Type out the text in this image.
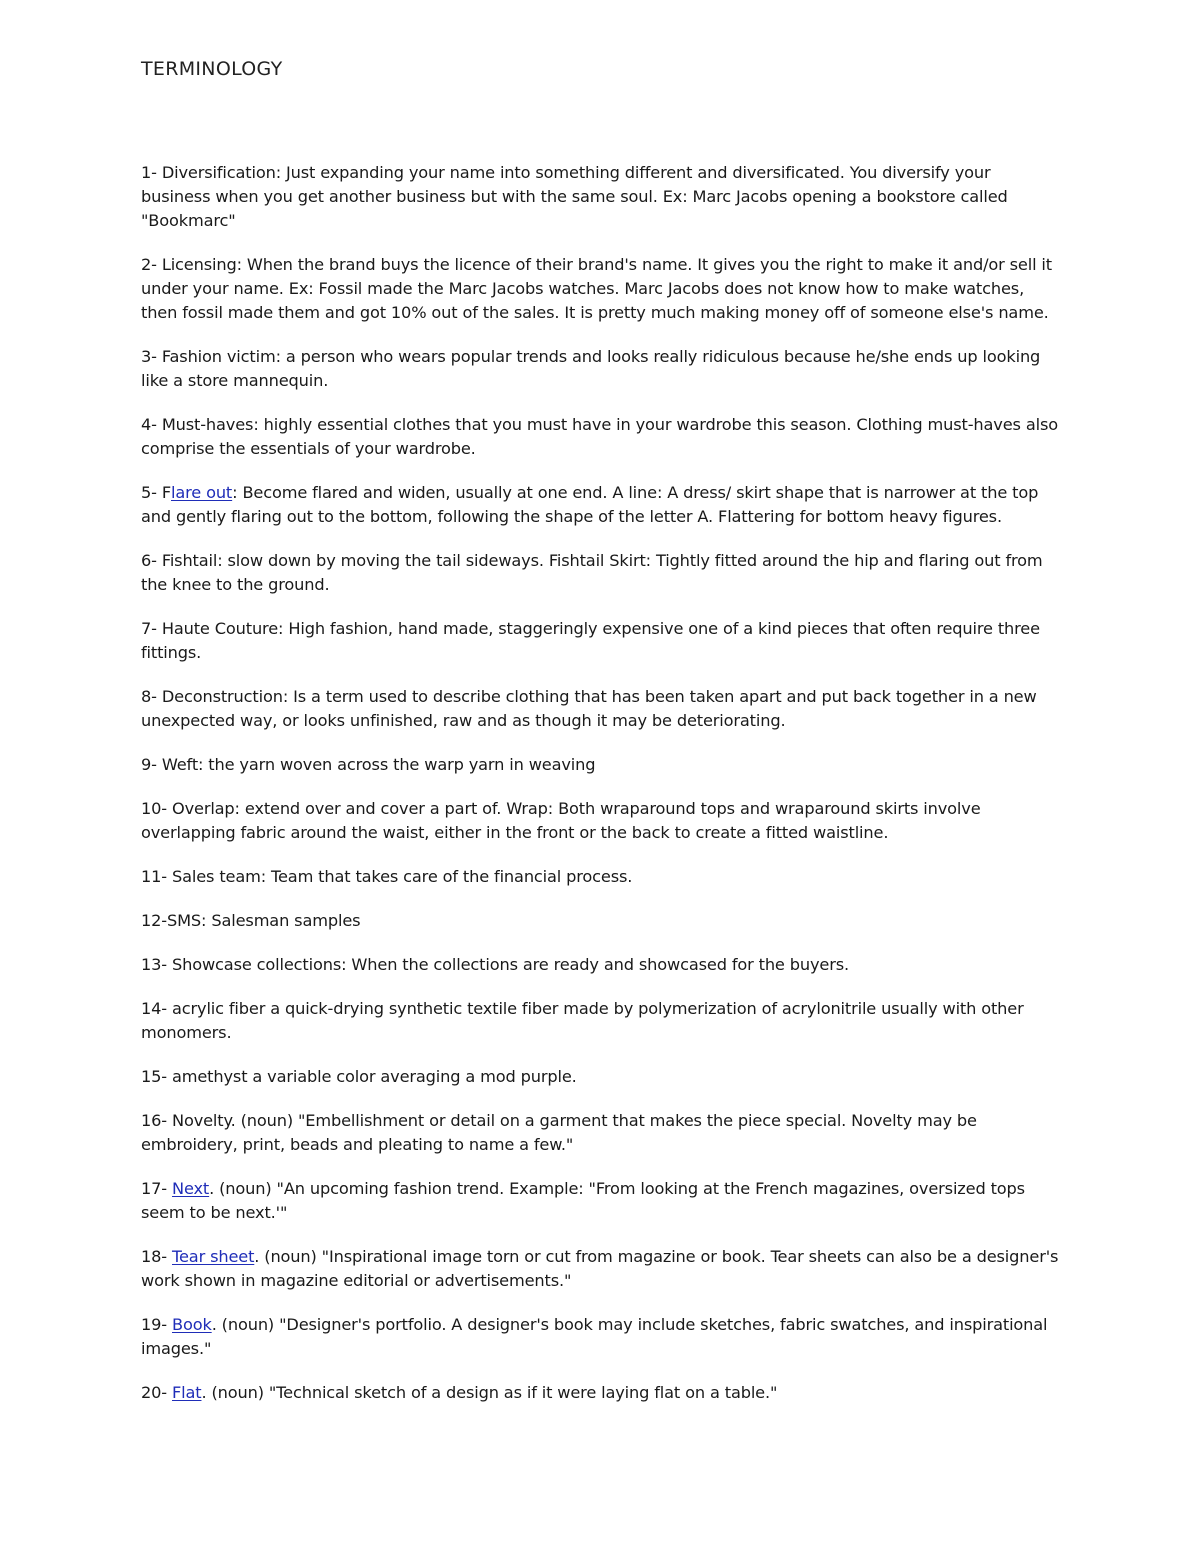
TERMINOLOGY

1- Diversification: Just expanding your name into something different and diversificated. You diversify your business when you get another business but with the same soul. Ex: Marc Jacobs opening a bookstore called "Bookmarc"

2- Licensing: When the brand buys the licence of their brand's name. It gives you the right to make it and/or sell it under your name. Ex: Fossil made the Marc Jacobs watches. Marc Jacobs does not know how to make watches, then fossil made them and got 10% out of the sales. It is pretty much making money off of someone else's name.

3- Fashion victim: a person who wears popular trends and looks really ridiculous because he/she ends up looking like a store mannequin.

4- Must-haves: highly essential clothes that you must have in your wardrobe this season. Clothing must-haves also comprise the essentials of your wardrobe.

5- Flare out: Become flared and widen, usually at one end. A line: A dress/ skirt shape that is narrower at the top and gently flaring out to the bottom, following the shape of the letter A. Flattering for bottom heavy figures.

6- Fishtail: slow down by moving the tail sideways. Fishtail Skirt: Tightly fitted around the hip and flaring out from the knee to the ground.

7- Haute Couture: High fashion, hand made, staggeringly expensive one of a kind pieces that often require three fittings.

8- Deconstruction: Is a term used to describe clothing that has been taken apart and put back together in a new unexpected way, or looks unfinished, raw and as though it may be deteriorating.

9- Weft: the yarn woven across the warp yarn in weaving

10- Overlap: extend over and cover a part of. Wrap: Both wraparound tops and wraparound skirts involve overlapping fabric around the waist, either in the front or the back to create a fitted waistline.

11- Sales team: Team that takes care of the financial process.

12-SMS: Salesman samples

13- Showcase collections: When the collections are ready and showcased for the buyers.

14- acrylic fiber a quick-drying synthetic textile fiber made by polymerization of acrylonitrile usually with other monomers.

15- amethyst a variable color averaging a mod purple.

16- Novelty. (noun) "Embellishment or detail on a garment that makes the piece special. Novelty may be embroidery, print, beads and pleating to name a few."

17- Next. (noun) "An upcoming fashion trend. Example: "From looking at the French magazines, oversized tops seem to be next.'"

18- Tear sheet. (noun) "Inspirational image torn or cut from magazine or book. Tear sheets can also be a designer's work shown in magazine editorial or advertisements."

19- Book. (noun) "Designer's portfolio. A designer's book may include sketches, fabric swatches, and inspirational images."

20- Flat. (noun) "Technical sketch of a design as if it were laying flat on a table."
